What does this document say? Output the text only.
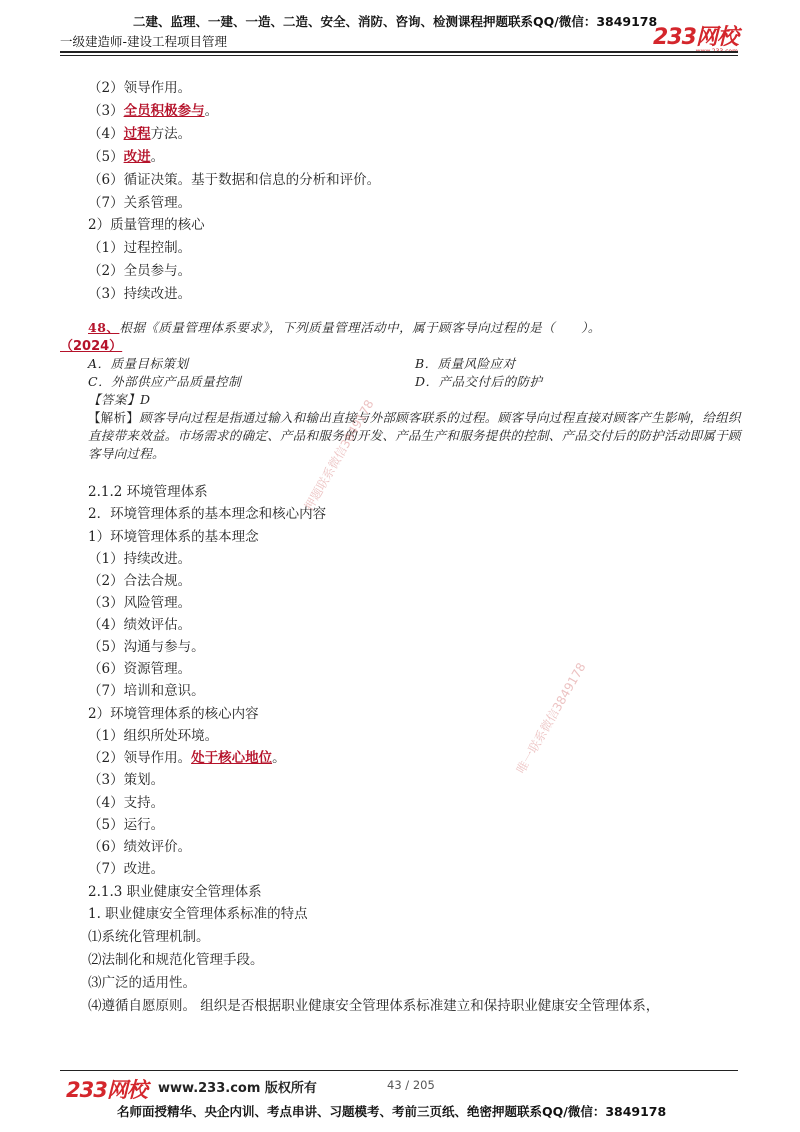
二建、监理、一建、一造、二造、安全、消防、咨询、检测课程押题联系QQ/微信：3849178
一级建造师-建设工程项目管理	233网校
www.233.com
（2）领导作用。
（3）全员积极参与。
（4）过程方法。
（5）改进。
（6）循证决策。基于数据和信息的分析和评价。
（7）关系管理。
2）质量管理的核心
（1）过程控制。
（2）全员参与。
（3）持续改进。
48、根据《质量管理体系要求》，下列质量管理活动中，属于顾客导向过程的是（　　）。
（2024）
A．质量目标策划	B．质量风险应对
C．外部供应产品质量控制	D．产品交付后的防护
【答案】D
【解析】顾客导向过程是指通过输入和输出直接与外部顾客联系的过程。顾客导向过程直接对顾客产生影响，给组织直接带来效益。市场需求的确定、产品和服务的开发、产品生产和服务提供的控制、产品交付后的防护活动即属于顾客导向过程。
2.1.2 环境管理体系
2．环境管理体系的基本理念和核心内容
1）环境管理体系的基本理念
（1）持续改进。
（2）合法合规。
（3）风险管理。
（4）绩效评估。
（5）沟通与参与。
（6）资源管理。
（7）培训和意识。
2）环境管理体系的核心内容
（1）组织所处环境。
（2）领导作用。处于核心地位。
（3）策划。
（4）支持。
（5）运行。
（6）绩效评价。
（7）改进。
2.1.3 职业健康安全管理体系
1. 职业健康安全管理体系标准的特点
⑴系统化管理机制。
⑵法制化和规范化管理手段。
⑶广泛的适用性。
⑷遵循自愿原则。 组织是否根据职业健康安全管理体系标准建立和保持职业健康安全管理体系，
押题联系微信3849178
唯一联系微信3849178
233网校 www.233.com 版权所有	43 / 205
名师面授精华、央企内训、考点串讲、习题模考、考前三页纸、绝密押题联系QQ/微信：3849178
